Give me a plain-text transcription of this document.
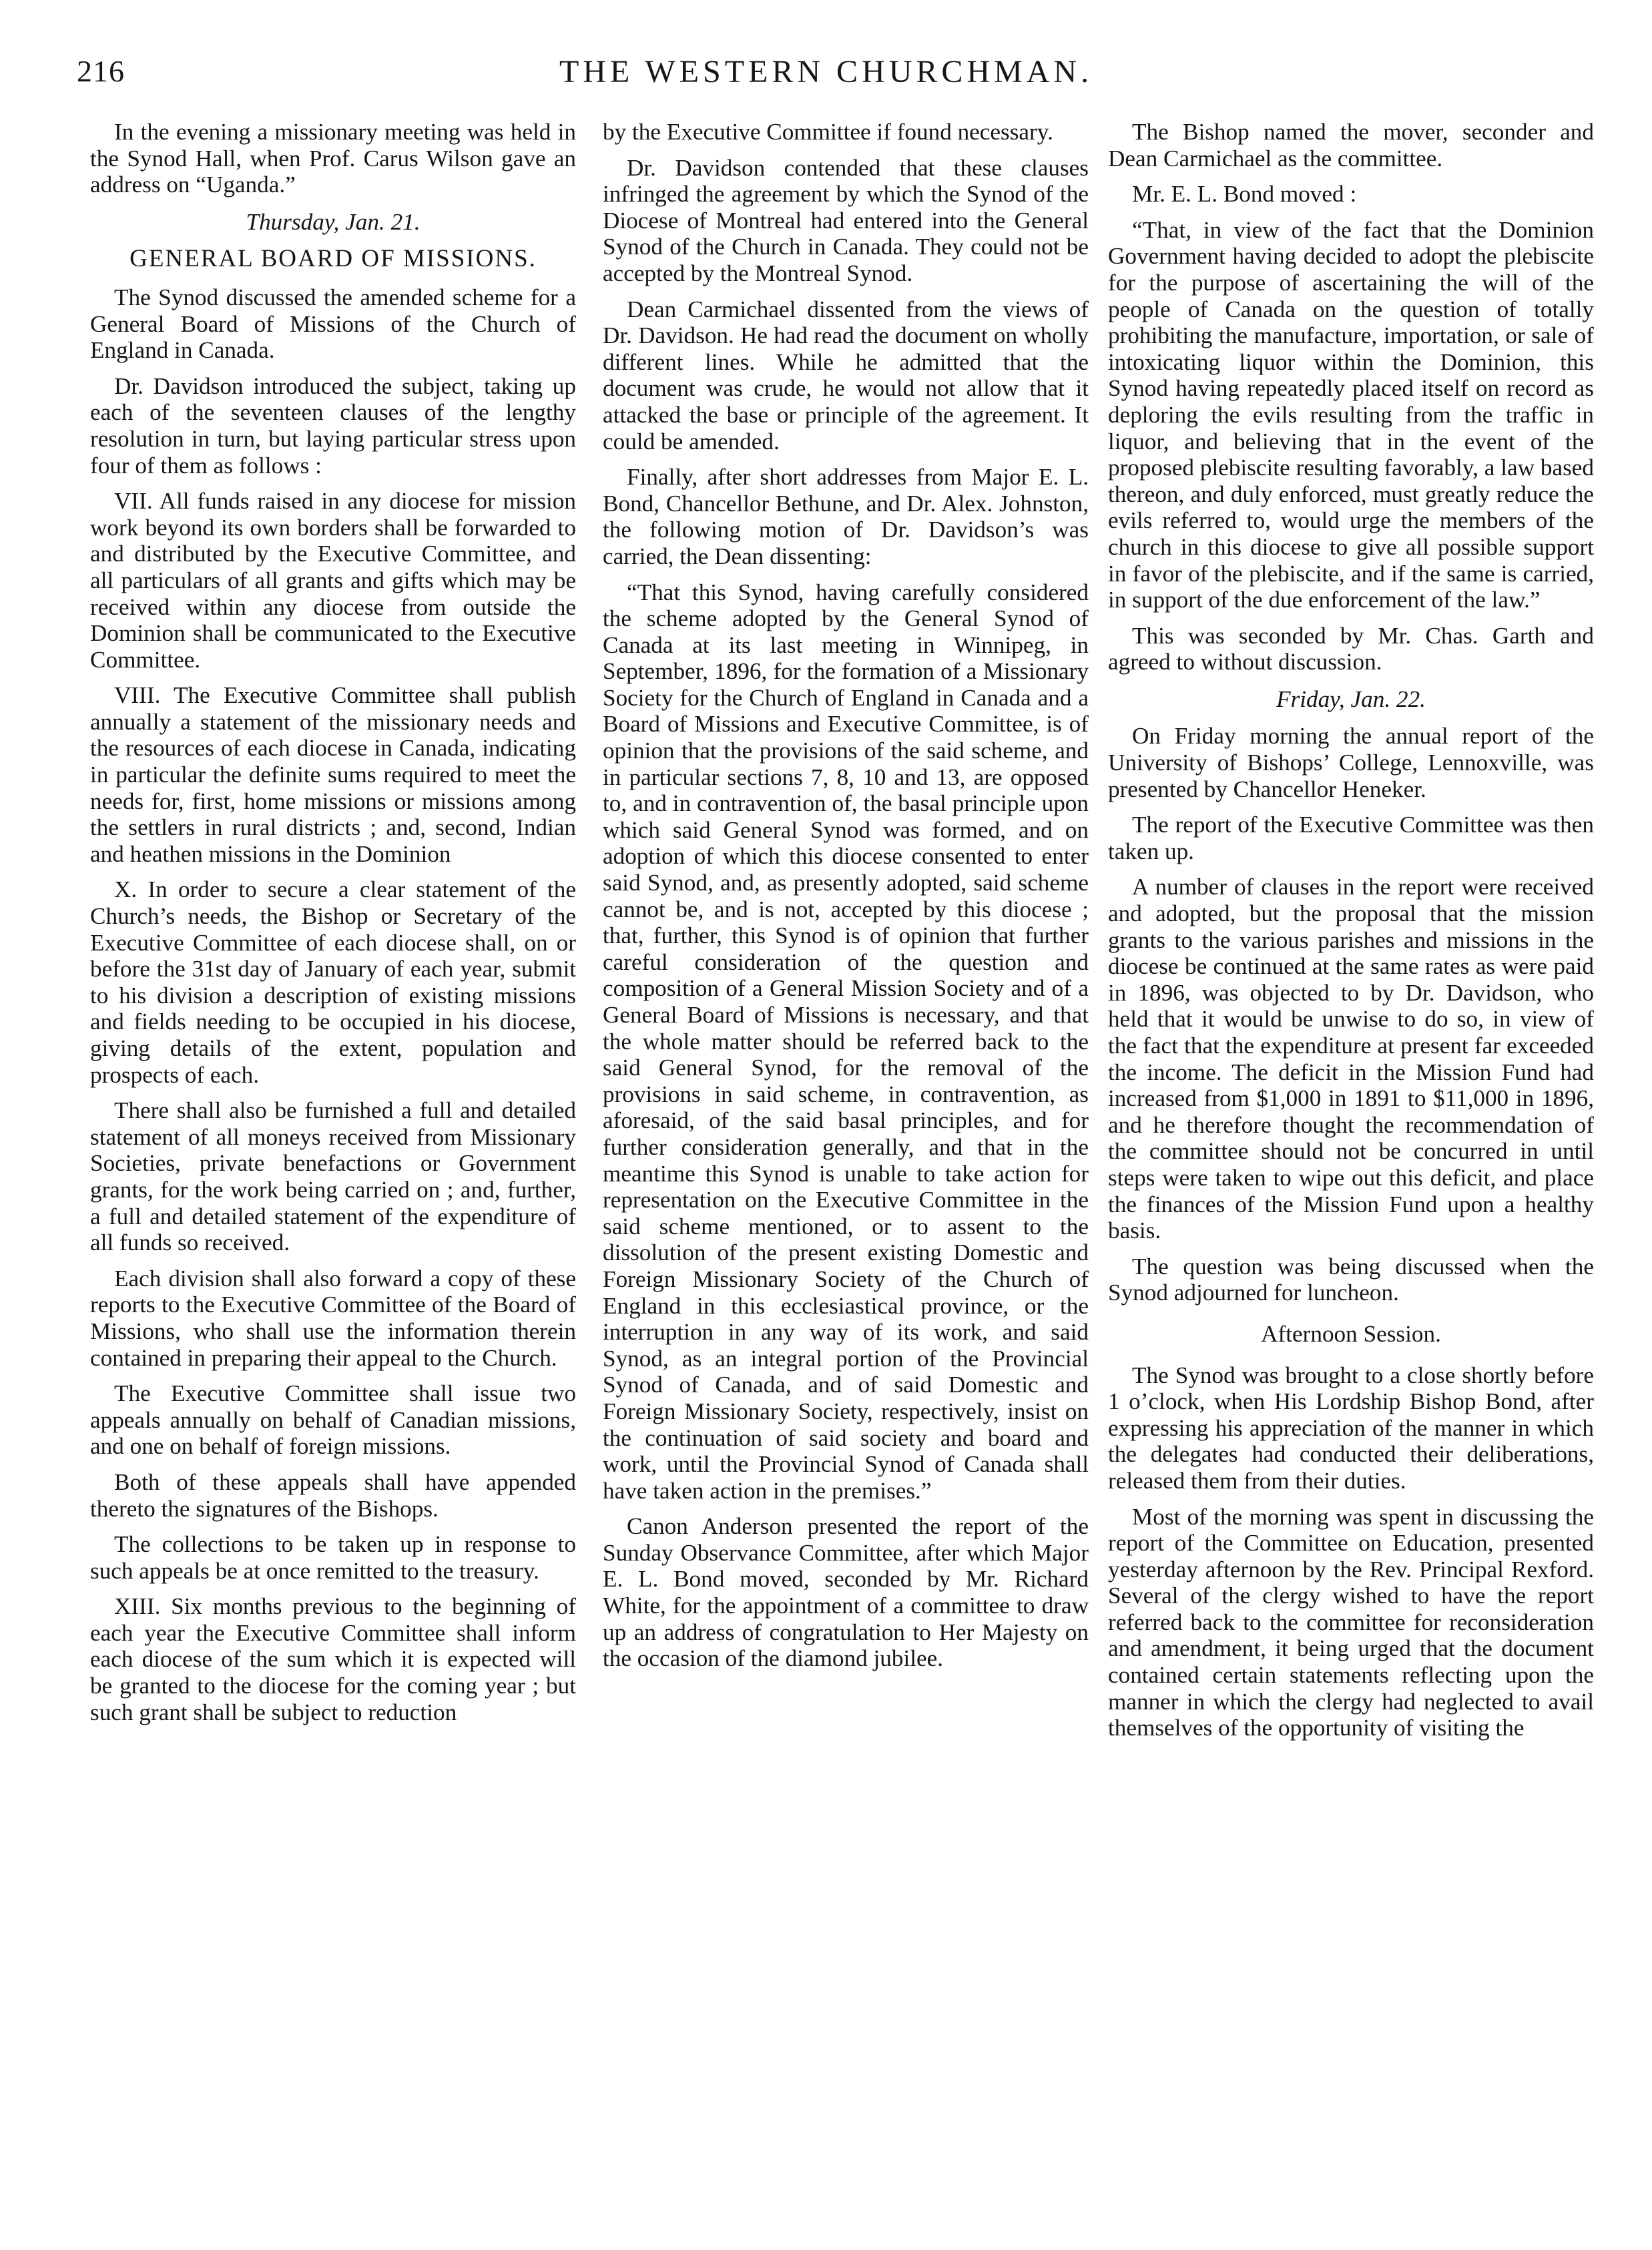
216	THE WESTERN CHURCHMAN.

In the evening a missionary meeting was held in the Synod Hall, when Prof. Carus Wilson gave an address on “Uganda.”

Thursday, Jan. 21.

GENERAL BOARD OF MISSIONS.

The Synod discussed the amended scheme for a General Board of Missions of the Church of England in Canada.

Dr. Davidson introduced the subject, taking up each of the seventeen clauses of the lengthy resolution in turn, but laying particular stress upon four of them as follows :

VII. All funds raised in any diocese for mission work beyond its own borders shall be forwarded to and distributed by the Executive Committee, and all particulars of all grants and gifts which may be received within any diocese from outside the Dominion shall be communicated to the Executive Committee.

VIII. The Executive Committee shall publish annually a statement of the missionary needs and the resources of each diocese in Canada, indicating in particular the definite sums required to meet the needs for, first, home missions or missions among the settlers in rural districts ; and, second, Indian and heathen missions in the Dominion

X. In order to secure a clear statement of the Church’s needs, the Bishop or Secretary of the Executive Committee of each diocese shall, on or before the 31st day of January of each year, submit to his division a description of existing missions and fields needing to be occupied in his diocese, giving details of the extent, population and prospects of each.

There shall also be furnished a full and detailed statement of all moneys received from Missionary Societies, private benefactions or Government grants, for the work being carried on ; and, further, a full and detailed statement of the expenditure of all funds so received.

Each division shall also forward a copy of these reports to the Executive Committee of the Board of Missions, who shall use the information therein contained in preparing their appeal to the Church.

The Executive Committee shall issue two appeals annually on behalf of Canadian missions, and one on behalf of foreign missions.

Both of these appeals shall have appended thereto the signatures of the Bishops.

The collections to be taken up in response to such appeals be at once remitted to the treasury.

XIII. Six months previous to the beginning of each year the Executive Committee shall inform each diocese of the sum which it is expected will be granted to the diocese for the coming year ; but such grant shall be subject to reduction

by the Executive Committee if found necessary.

Dr. Davidson contended that these clauses infringed the agreement by which the Synod of the Diocese of Montreal had entered into the General Synod of the Church in Canada. They could not be accepted by the Montreal Synod.

Dean Carmichael dissented from the views of Dr. Davidson. He had read the document on wholly different lines. While he admitted that the document was crude, he would not allow that it attacked the base or principle of the agreement. It could be amended.

Finally, after short addresses from Major E. L. Bond, Chancellor Bethune, and Dr. Alex. Johnston, the following motion of Dr. Davidson’s was carried, the Dean dissenting:

“That this Synod, having carefully considered the scheme adopted by the General Synod of Canada at its last meeting in Winnipeg, in September, 1896, for the formation of a Missionary Society for the Church of England in Canada and a Board of Missions and Executive Committee, is of opinion that the provisions of the said scheme, and in particular sections 7, 8, 10 and 13, are opposed to, and in contravention of, the basal principle upon which said General Synod was formed, and on adoption of which this diocese consented to enter said Synod, and, as presently adopted, said scheme cannot be, and is not, accepted by this diocese ; that, further, this Synod is of opinion that further careful consideration of the question and composition of a General Mission Society and of a General Board of Missions is necessary, and that the whole matter should be referred back to the said General Synod, for the removal of the provisions in said scheme, in contravention, as aforesaid, of the said basal principles, and for further consideration generally, and that in the meantime this Synod is unable to take action for representation on the Executive Committee in the said scheme mentioned, or to assent to the dissolution of the present existing Domestic and Foreign Missionary Society of the Church of England in this ecclesiastical province, or the interruption in any way of its work, and said Synod, as an integral portion of the Provincial Synod of Canada, and of said Domestic and Foreign Missionary Society, respectively, insist on the continuation of said society and board and work, until the Provincial Synod of Canada shall have taken action in the premises.”

Canon Anderson presented the report of the Sunday Observance Committee, after which Major E. L. Bond moved, seconded by Mr. Richard White, for the appointment of a committee to draw up an address of congratulation to Her Majesty on the occasion of the diamond jubilee.

The Bishop named the mover, seconder and Dean Carmichael as the committee.

Mr. E. L. Bond moved :

“That, in view of the fact that the Dominion Government having decided to adopt the plebiscite for the purpose of ascertaining the will of the people of Canada on the question of totally prohibiting the manufacture, importation, or sale of intoxicating liquor within the Dominion, this Synod having repeatedly placed itself on record as deploring the evils resulting from the traffic in liquor, and believing that in the event of the proposed plebiscite resulting favorably, a law based thereon, and duly enforced, must greatly reduce the evils referred to, would urge the members of the church in this diocese to give all possible support in favor of the plebiscite, and if the same is carried, in support of the due enforcement of the law.”

This was seconded by Mr. Chas. Garth and agreed to without discussion.

Friday, Jan. 22.

On Friday morning the annual report of the University of Bishops’ College, Lennoxville, was presented by Chancellor Heneker.

The report of the Executive Committee was then taken up.

A number of clauses in the report were received and adopted, but the proposal that the mission grants to the various parishes and missions in the diocese be continued at the same rates as were paid in 1896, was objected to by Dr. Davidson, who held that it would be unwise to do so, in view of the fact that the expenditure at present far exceeded the income. The deficit in the Mission Fund had increased from $1,000 in 1891 to $11,000 in 1896, and he therefore thought the recommendation of the committee should not be concurred in until steps were taken to wipe out this deficit, and place the finances of the Mission Fund upon a healthy basis.

The question was being discussed when the Synod adjourned for luncheon.

Afternoon Session.

The Synod was brought to a close shortly before 1 o’clock, when His Lordship Bishop Bond, after expressing his appreciation of the manner in which the delegates had conducted their deliberations, released them from their duties.

Most of the morning was spent in discussing the report of the Committee on Education, presented yesterday afternoon by the Rev. Principal Rexford. Several of the clergy wished to have the report referred back to the committee for reconsideration and amendment, it being urged that the document contained certain statements reflecting upon the manner in which the clergy had neglected to avail themselves of the opportunity of visiting the
